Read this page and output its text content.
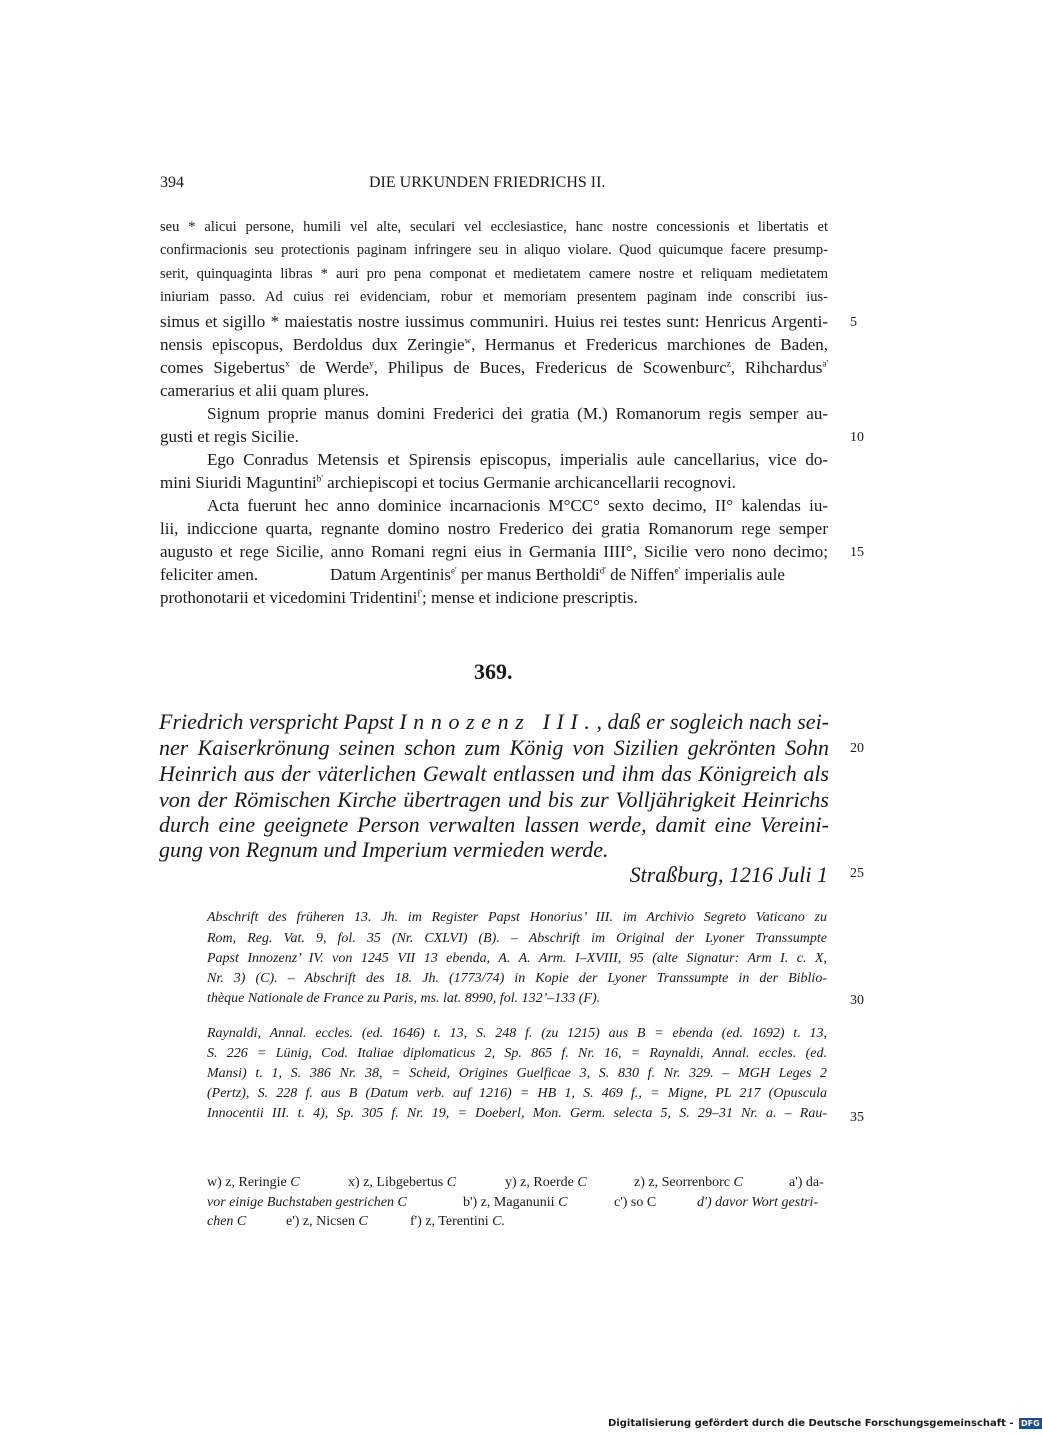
394	DIE URKUNDEN FRIEDRICHS II.
seu * alicui persone, humili vel alte, seculari vel ecclesiastice, hanc nostre concessionis et libertatis et
confirmacionis seu protectionis paginam infringere seu in aliquo violare. Quod quicumque facere presump-
serit, quinquaginta libras * auri pro pena componat et medietatem camere nostre et reliquam medietatem
iniuriam passo. Ad cuius rei evidenciam, robur et memoriam presentem paginam inde conscribi ius-
simus et sigillo * maiestatis nostre iussimus communiri. Huius rei testes sunt: Henricus Argenti- 5
nensis episcopus, Berdoldus dux Zeringie$^w$, Hermanus et Fredericus marchiones de Baden,
comes Sigebertus$^x$ de Werde$^y$, Philipus de Buces, Fredericus de Scowenburc$^z$, Rihchardus$^{a'}$
camerarius et alii quam plures.
Signum proprie manus domini Frederici dei gratia (M.) Romanorum regis semper au-
gusti et regis Sicilie.	10
Ego Conradus Metensis et Spirensis episcopus, imperialis aule cancellarius, vice do-
mini Siuridi Maguntini$^{b'}$ archiepiscopi et tocius Germanie archicancellarii recognovi.
Acta fuerunt hec anno dominice incarnacionis M°CC° sexto decimo, II° kalendas iu-
lii, indiccione quarta, regnante domino nostro Frederico dei gratia Romanorum rege semper
augusto et rege Sicilie, anno Romani regni eius in Germania IIII°, Sicilie vero nono decimo; 15
feliciter amen.	Datum Argentinis$^{e'}$ per manus Bertholdi$^{d'}$ de Niffen$^{e'}$ imperialis aule
prothonotarii et vicedomini Tridentini$^{f'}$; mense et indicione prescriptis.
369.
Friedrich verspricht Papst Innozenz III., daß er sogleich nach sei-
ner Kaiserkrönung seinen schon zum König von Sizilien gekrönten Sohn 20
Heinrich aus der väterlichen Gewalt entlassen und ihm das Königreich als
von der Römischen Kirche übertragen und bis zur Volljährigkeit Heinrichs
durch eine geeignete Person verwalten lassen werde, damit eine Vereini-
gung von Regnum und Imperium vermieden werde.
Straßburg, 1216 Juli 1 25
Abschrift des früheren 13. Jh. im Register Papst Honorius’ III. im Archivio Segreto Vaticano zu
Rom, Reg. Vat. 9, fol. 35 (Nr. CXLVI) (B). – Abschrift im Original der Lyoner Transsumpte
Papst Innozenz’ IV. von 1245 VII 13 ebenda, A. A. Arm. I–XVIII, 95 (alte Signatur: Arm I. c. X,
Nr. 3) (C). – Abschrift des 18. Jh. (1773/74) in Kopie der Lyoner Transsumpte in der Biblio-
thèque Nationale de France zu Paris, ms. lat. 8990, fol. 132’–133 (F).	30
Raynaldi, Annal. eccles. (ed. 1646) t. 13, S. 248 f. (zu 1215) aus B = ebenda (ed. 1692) t. 13,
S. 226 = Lünig, Cod. Italiae diplomaticus 2, Sp. 865 f. Nr. 16, = Raynaldi, Annal. eccles. (ed.
Mansi) t. 1, S. 386 Nr. 38, = Scheid, Origines Guelficae 3, S. 830 f. Nr. 329. – MGH Leges 2
(Pertz), S. 228 f. aus B (Datum verb. auf 1216) = HB 1, S. 469 f., = Migne, PL 217 (Opuscula
Innocentii III. t. 4), Sp. 305 f. Nr. 19, = Doeberl, Mon. Germ. selecta 5, S. 29–31 Nr. a. – Rau- 35
w) z, Reringie C	x) z, Libgebertus C	y) z, Roerde C	z) z, Seorrenborc C	a') da-
vor einige Buchstaben gestrichen C	b') z, Maganunii C	c') so C	d') davor Wort gestri-
chen C	e') z, Nicsen C	f') z, Terentini C.
Digitalisierung gefördert durch die Deutsche Forschungsgemeinschaft - DFG
